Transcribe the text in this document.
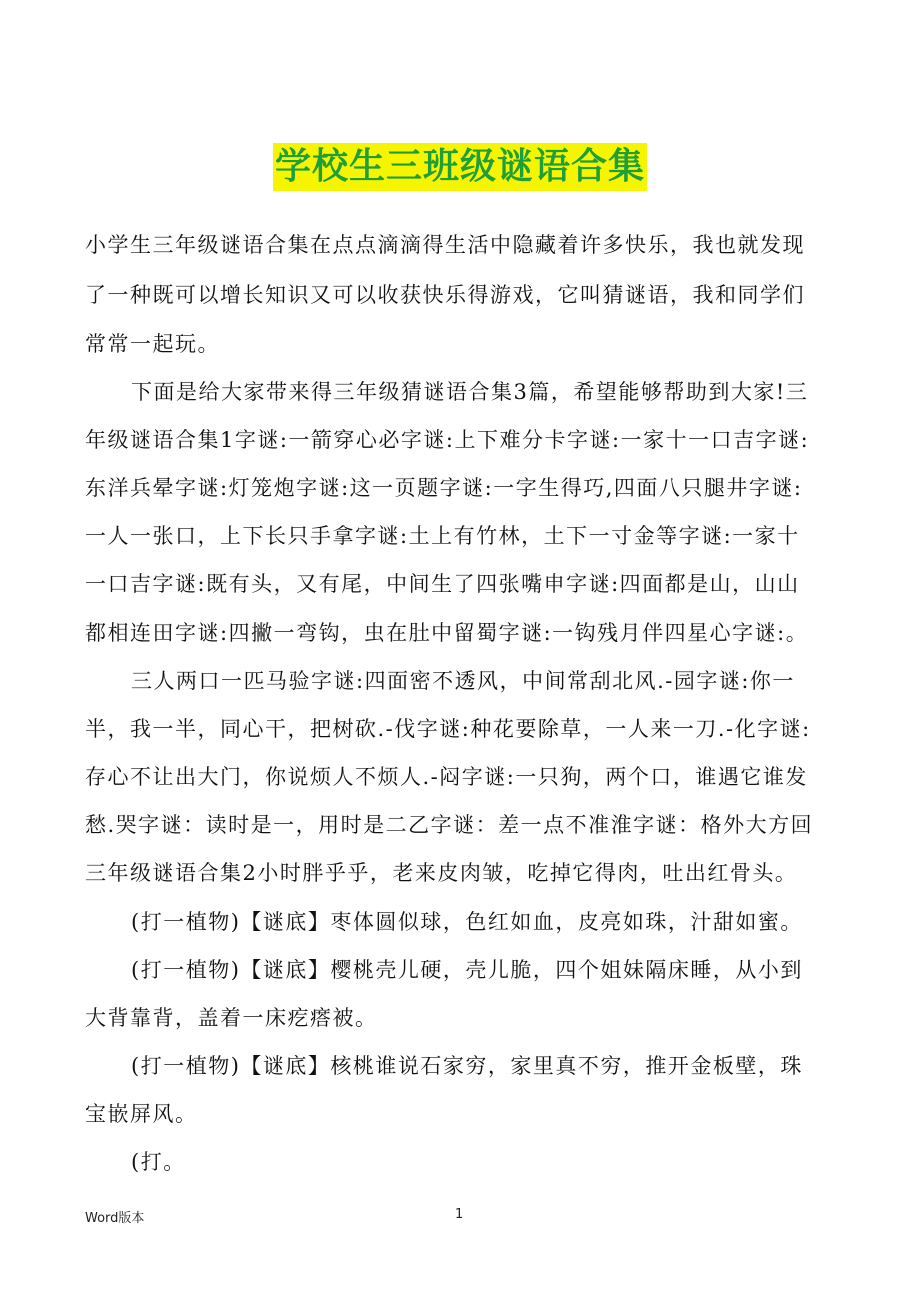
学校生三班级谜语合集
小学生三年级谜语合集在点点滴滴得生活中隐藏着许多快乐，我也就发现
了一种既可以增长知识又可以收获快乐得游戏，它叫猜谜语，我和同学们
常常一起玩。
下面是给大家带来得三年级猜谜语合集3篇，希望能够帮助到大家!三
年级谜语合集1字谜:一箭穿心必字谜:上下难分卡字谜:一家十一口吉字谜:
东洋兵晕字谜:灯笼炮字谜:这一页题字谜:一字生得巧,四面八只腿井字谜:
一人一张口，上下长只手拿字谜:土上有竹林，土下一寸金等字谜:一家十
一口吉字谜:既有头，又有尾，中间生了四张嘴申字谜:四面都是山，山山
都相连田字谜:四撇一弯钩，虫在肚中留蜀字谜:一钩残月伴四星心字谜:。
三人两口一匹马验字谜:四面密不透风，中间常刮北风.-园字谜:你一
半，我一半，同心干，把树砍.-伐字谜:种花要除草，一人来一刀.-化字谜:
存心不让出大门，你说烦人不烦人.-闷字谜:一只狗，两个口，谁遇它谁发
愁.哭字谜：读时是一，用时是二乙字谜：差一点不准淮字谜：格外大方回
三年级谜语合集2小时胖乎乎，老来皮肉皱，吃掉它得肉，吐出红骨头。
(打一植物)【谜底】枣体圆似球，色红如血，皮亮如珠，汁甜如蜜。
(打一植物)【谜底】樱桃壳儿硬，壳儿脆，四个姐妹隔床睡，从小到
大背靠背，盖着一床疙瘩被。
(打一植物)【谜底】核桃谁说石家穷，家里真不穷，推开金板壁，珠
宝嵌屏风。
(打。
Word版本	1
